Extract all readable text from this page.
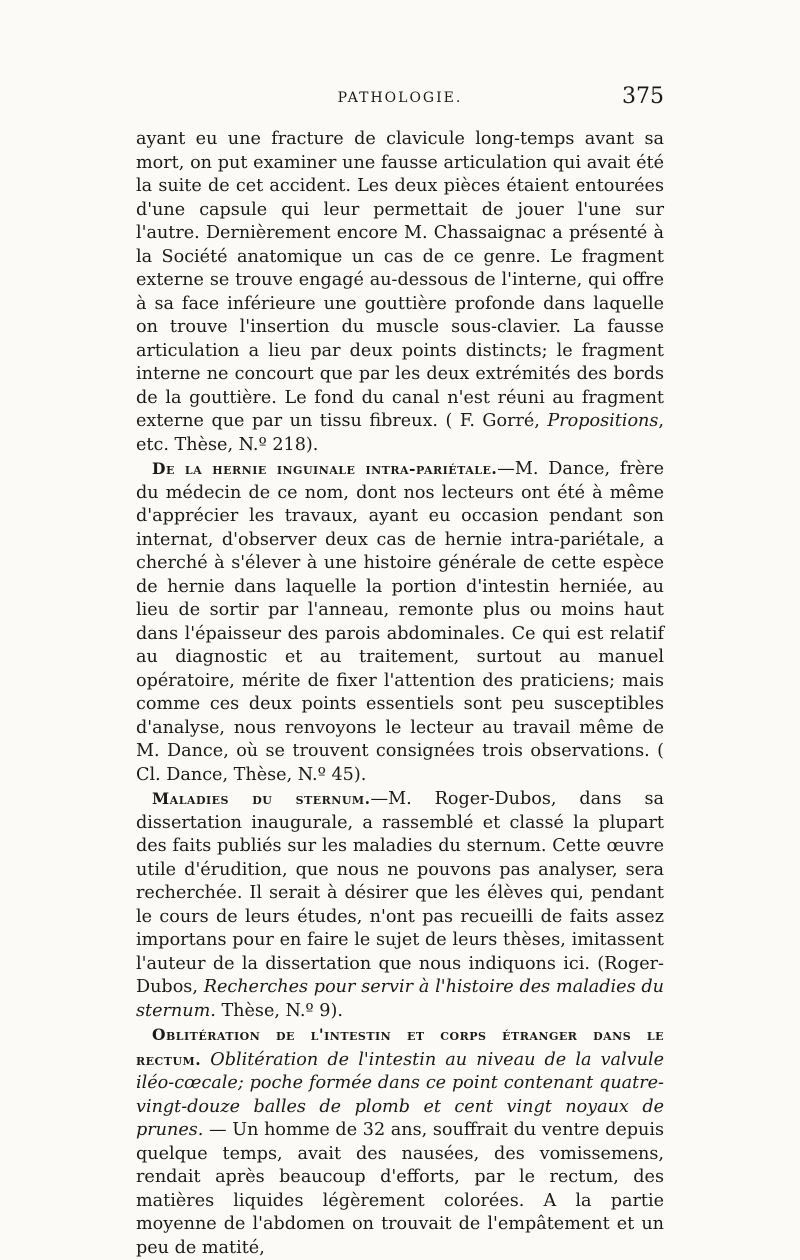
PATHOLOGIE.	375

ayant eu une fracture de clavicule long-temps avant sa mort, on put examiner une fausse articulation qui avait été la suite de cet accident. Les deux pièces étaient entourées d'une capsule qui leur permettait de jouer l'une sur l'autre. Dernièrement encore M. Chassaignac a présenté à la Société anatomique un cas de ce genre. Le fragment externe se trouve engagé au-dessous de l'interne, qui offre à sa face inférieure une gouttière profonde dans laquelle on trouve l'insertion du muscle sous-clavier. La fausse articulation a lieu par deux points distincts; le fragment interne ne concourt que par les deux extrémités des bords de la gouttière. Le fond du canal n'est réuni au fragment externe que par un tissu fibreux. ( F. Gorré, Propositions, etc. Thèse, N.º 218).

De la hernie inguinale intra-pariétale.—M. Dance, frère du médecin de ce nom, dont nos lecteurs ont été à même d'apprécier les travaux, ayant eu occasion pendant son internat, d'observer deux cas de hernie intra-pariétale, a cherché à s'élever à une histoire générale de cette espèce de hernie dans laquelle la portion d'intestin herniée, au lieu de sortir par l'anneau, remonte plus ou moins haut dans l'épaisseur des parois abdominales. Ce qui est relatif au diagnostic et au traitement, surtout au manuel opératoire, mérite de fixer l'attention des praticiens; mais comme ces deux points essentiels sont peu susceptibles d'analyse, nous renvoyons le lecteur au travail même de M. Dance, où se trouvent consignées trois observations. ( Cl. Dance, Thèse, N.º 45).

Maladies du sternum.—M. Roger-Dubos, dans sa dissertation inaugurale, a rassemblé et classé la plupart des faits publiés sur les maladies du sternum. Cette œuvre utile d'érudition, que nous ne pouvons pas analyser, sera recherchée. Il serait à désirer que les élèves qui, pendant le cours de leurs études, n'ont pas recueilli de faits assez importans pour en faire le sujet de leurs thèses, imitassent l'auteur de la dissertation que nous indiquons ici. (Roger-Dubos, Recherches pour servir à l'histoire des maladies du sternum. Thèse, N.º 9).

Oblitération de l'intestin et corps étranger dans le rectum. Oblitération de l'intestin au niveau de la valvule iléo-cœcale; poche formée dans ce point contenant quatre-vingt-douze balles de plomb et cent vingt noyaux de prunes. — Un homme de 32 ans, souffrait du ventre depuis quelque temps, avait des nausées, des vomissemens, rendait après beaucoup d'efforts, par le rectum, des matières liquides légèrement colorées. A la partie moyenne de l'abdomen on trouvait de l'empâtement et un peu de matité,
